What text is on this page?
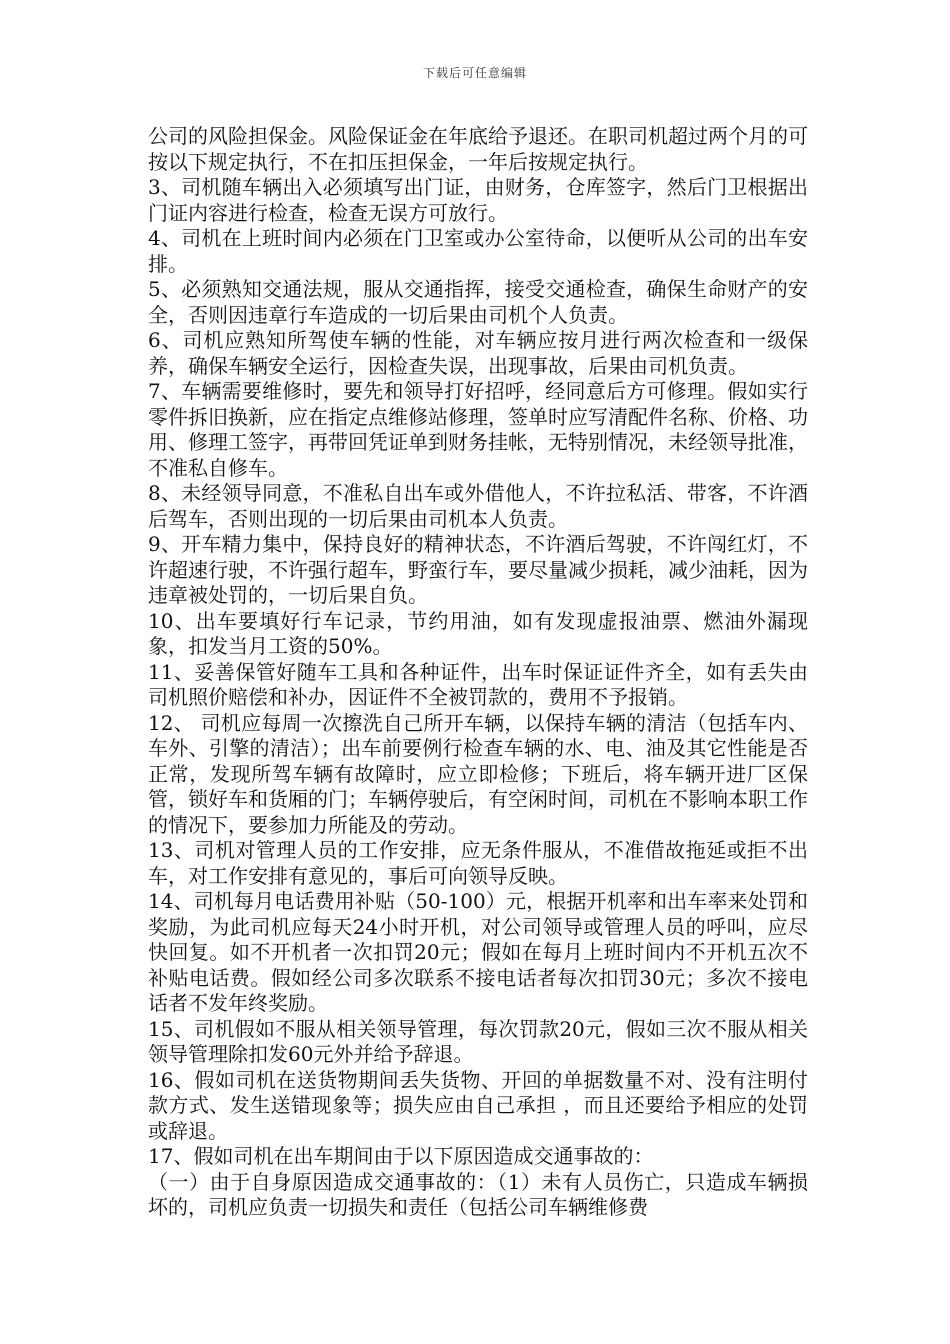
下载后可任意编辑

公司的风险担保金。风险保证金在年底给予退还。在职司机超过两个月的可按以下规定执行，不在扣压担保金，一年后按规定执行。

3、司机随车辆出入必须填写出门证，由财务，仓库签字，然后门卫根据出门证内容进行检查，检查无误方可放行。

4、司机在上班时间内必须在门卫室或办公室待命，以便听从公司的出车安排。

5、必须熟知交通法规，服从交通指挥，接受交通检查，确保生命财产的安全，否则因违章行车造成的一切后果由司机个人负责。

6、司机应熟知所驾使车辆的性能，对车辆应按月进行两次检查和一级保养，确保车辆安全运行，因检查失误，出现事故，后果由司机负责。

7、车辆需要维修时，要先和领导打好招呼，经同意后方可修理。假如实行零件拆旧换新，应在指定点维修站修理，签单时应写清配件名称、价格、功用、修理工签字，再带回凭证单到财务挂帐，无特别情况，未经领导批准，不准私自修车。

8、未经领导同意，不准私自出车或外借他人，不许拉私活、带客，不许酒后驾车，否则出现的一切后果由司机本人负责。

9、开车精力集中，保持良好的精神状态，不许酒后驾驶，不许闯红灯，不许超速行驶，不许强行超车，野蛮行车，要尽量减少损耗，减少油耗，因为违章被处罚的，一切后果自负。

10、出车要填好行车记录，节约用油，如有发现虚报油票、燃油外漏现象，扣发当月工资的50%。

11、妥善保管好随车工具和各种证件，出车时保证证件齐全，如有丢失由司机照价赔偿和补办，因证件不全被罚款的，费用不予报销。

12、 司机应每周一次擦洗自己所开车辆，以保持车辆的清洁（包括车内、车外、引擎的清洁）；出车前要例行检查车辆的水、电、油及其它性能是否正常，发现所驾车辆有故障时，应立即检修；下班后，将车辆开进厂区保管，锁好车和货厢的门；车辆停驶后，有空闲时间，司机在不影响本职工作的情况下，要参加力所能及的劳动。

13、司机对管理人员的工作安排，应无条件服从，不准借故拖延或拒不出车，对工作安排有意见的，事后可向领导反映。

14、司机每月电话费用补贴（50-100）元，根据开机率和出车率来处罚和奖励，为此司机应每天24小时开机，对公司领导或管理人员的呼叫，应尽快回复。如不开机者一次扣罚20元；假如在每月上班时间内不开机五次不补贴电话费。假如经公司多次联系不接电话者每次扣罚30元；多次不接电话者不发年终奖励。

15、司机假如不服从相关领导管理，每次罚款20元，假如三次不服从相关领导管理除扣发60元外并给予辞退。

16、假如司机在送货物期间丢失货物、开回的单据数量不对、没有注明付款方式、发生送错现象等；损失应由自己承担 ，而且还要给予相应的处罚或辞退。

17、假如司机在出车期间由于以下原因造成交通事故的：

（一）由于自身原因造成交通事故的：（1）未有人员伤亡，只造成车辆损坏的，司机应负责一切损失和责任（包括公司车辆维修费
